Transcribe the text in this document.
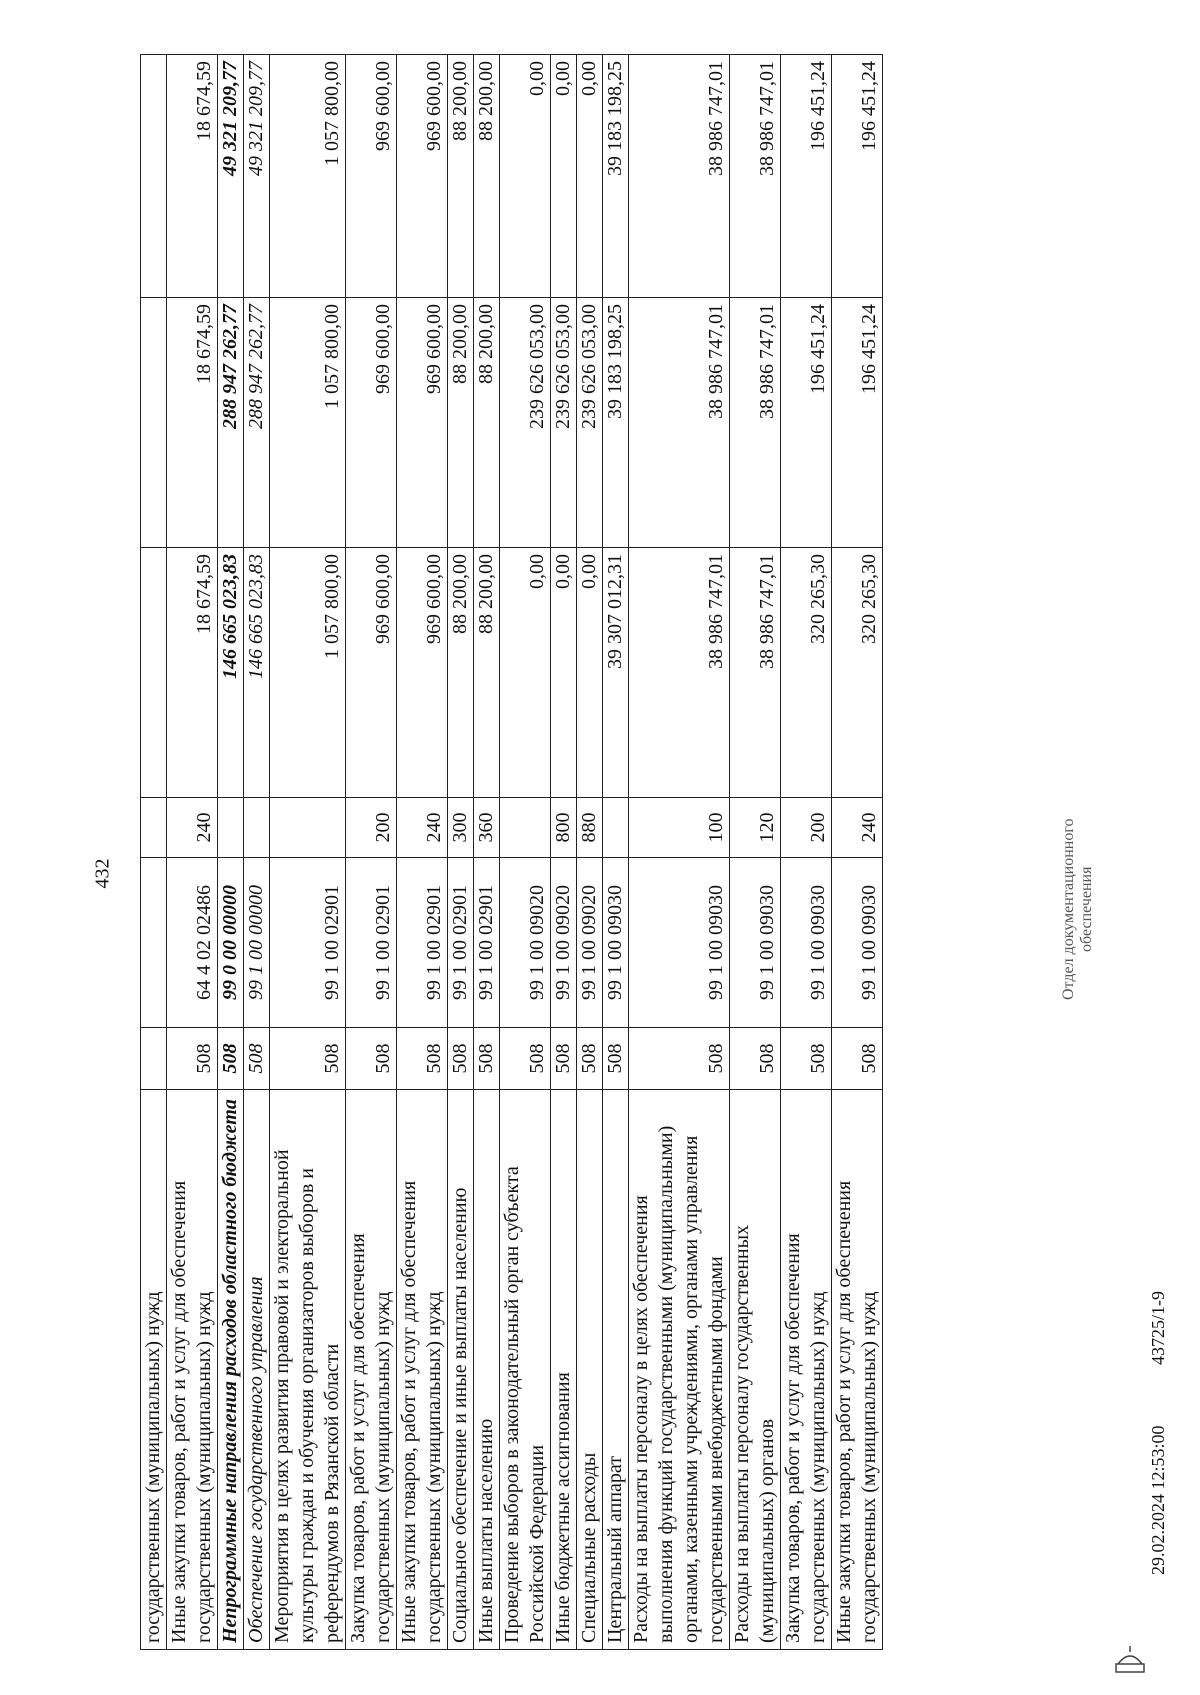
государственных (муниципальных) нужд						
Иные закупки товаров, работ и услуг для обеспечения государственных (муниципальных) нужд	508	64 4 02 02486	240	18 674,59	18 674,59	18 674,59
Непрограммные направления расходов областного бюджета	508	99 0 00 00000		146 665 023,83	288 947 262,77	49 321 209,77
Обеспечение государственного управления	508	99 1 00 00000		146 665 023,83	288 947 262,77	49 321 209,77
Мероприятия в целях развития правовой и электоральной культуры граждан и обучения организаторов выборов и референдумов в Рязанской области	508	99 1 00 02901		1 057 800,00	1 057 800,00	1 057 800,00
Закупка товаров, работ и услуг для обеспечения государственных (муниципальных) нужд	508	99 1 00 02901	200	969 600,00	969 600,00	969 600,00
Иные закупки товаров, работ и услуг для обеспечения государственных (муниципальных) нужд	508	99 1 00 02901	240	969 600,00	969 600,00	969 600,00
Социальное обеспечение и иные выплаты населению	508	99 1 00 02901	300	88 200,00	88 200,00	88 200,00
Иные выплаты населению	508	99 1 00 02901	360	88 200,00	88 200,00	88 200,00
Проведение выборов в законодательный орган субъекта Российской Федерации	508	99 1 00 09020		0,00	239 626 053,00	0,00
Иные бюджетные ассигнования	508	99 1 00 09020	800	0,00	239 626 053,00	0,00
Специальные расходы	508	99 1 00 09020	880	0,00	239 626 053,00	0,00
Центральный аппарат	508	99 1 00 09030		39 307 012,31	39 183 198,25	39 183 198,25
Расходы на выплаты персоналу в целях обеспечения выполнения функций государственными (муниципальными) органами, казенными учреждениями, органами управления государственными внебюджетными фондами	508	99 1 00 09030	100	38 986 747,01	38 986 747,01	38 986 747,01
Расходы на выплаты персоналу государственных (муниципальных) органов	508	99 1 00 09030	120	38 986 747,01	38 986 747,01	38 986 747,01
Закупка товаров, работ и услуг для обеспечения государственных (муниципальных) нужд	508	99 1 00 09030	200	320 265,30	196 451,24	196 451,24
Иные закупки товаров, работ и услуг для обеспечения государственных (муниципальных) нужд	508	99 1 00 09030	240	320 265,30	196 451,24	196 451,24
432
29.02.2024 12:53:00
43725/1-9
Отдел документационного обеспечения
